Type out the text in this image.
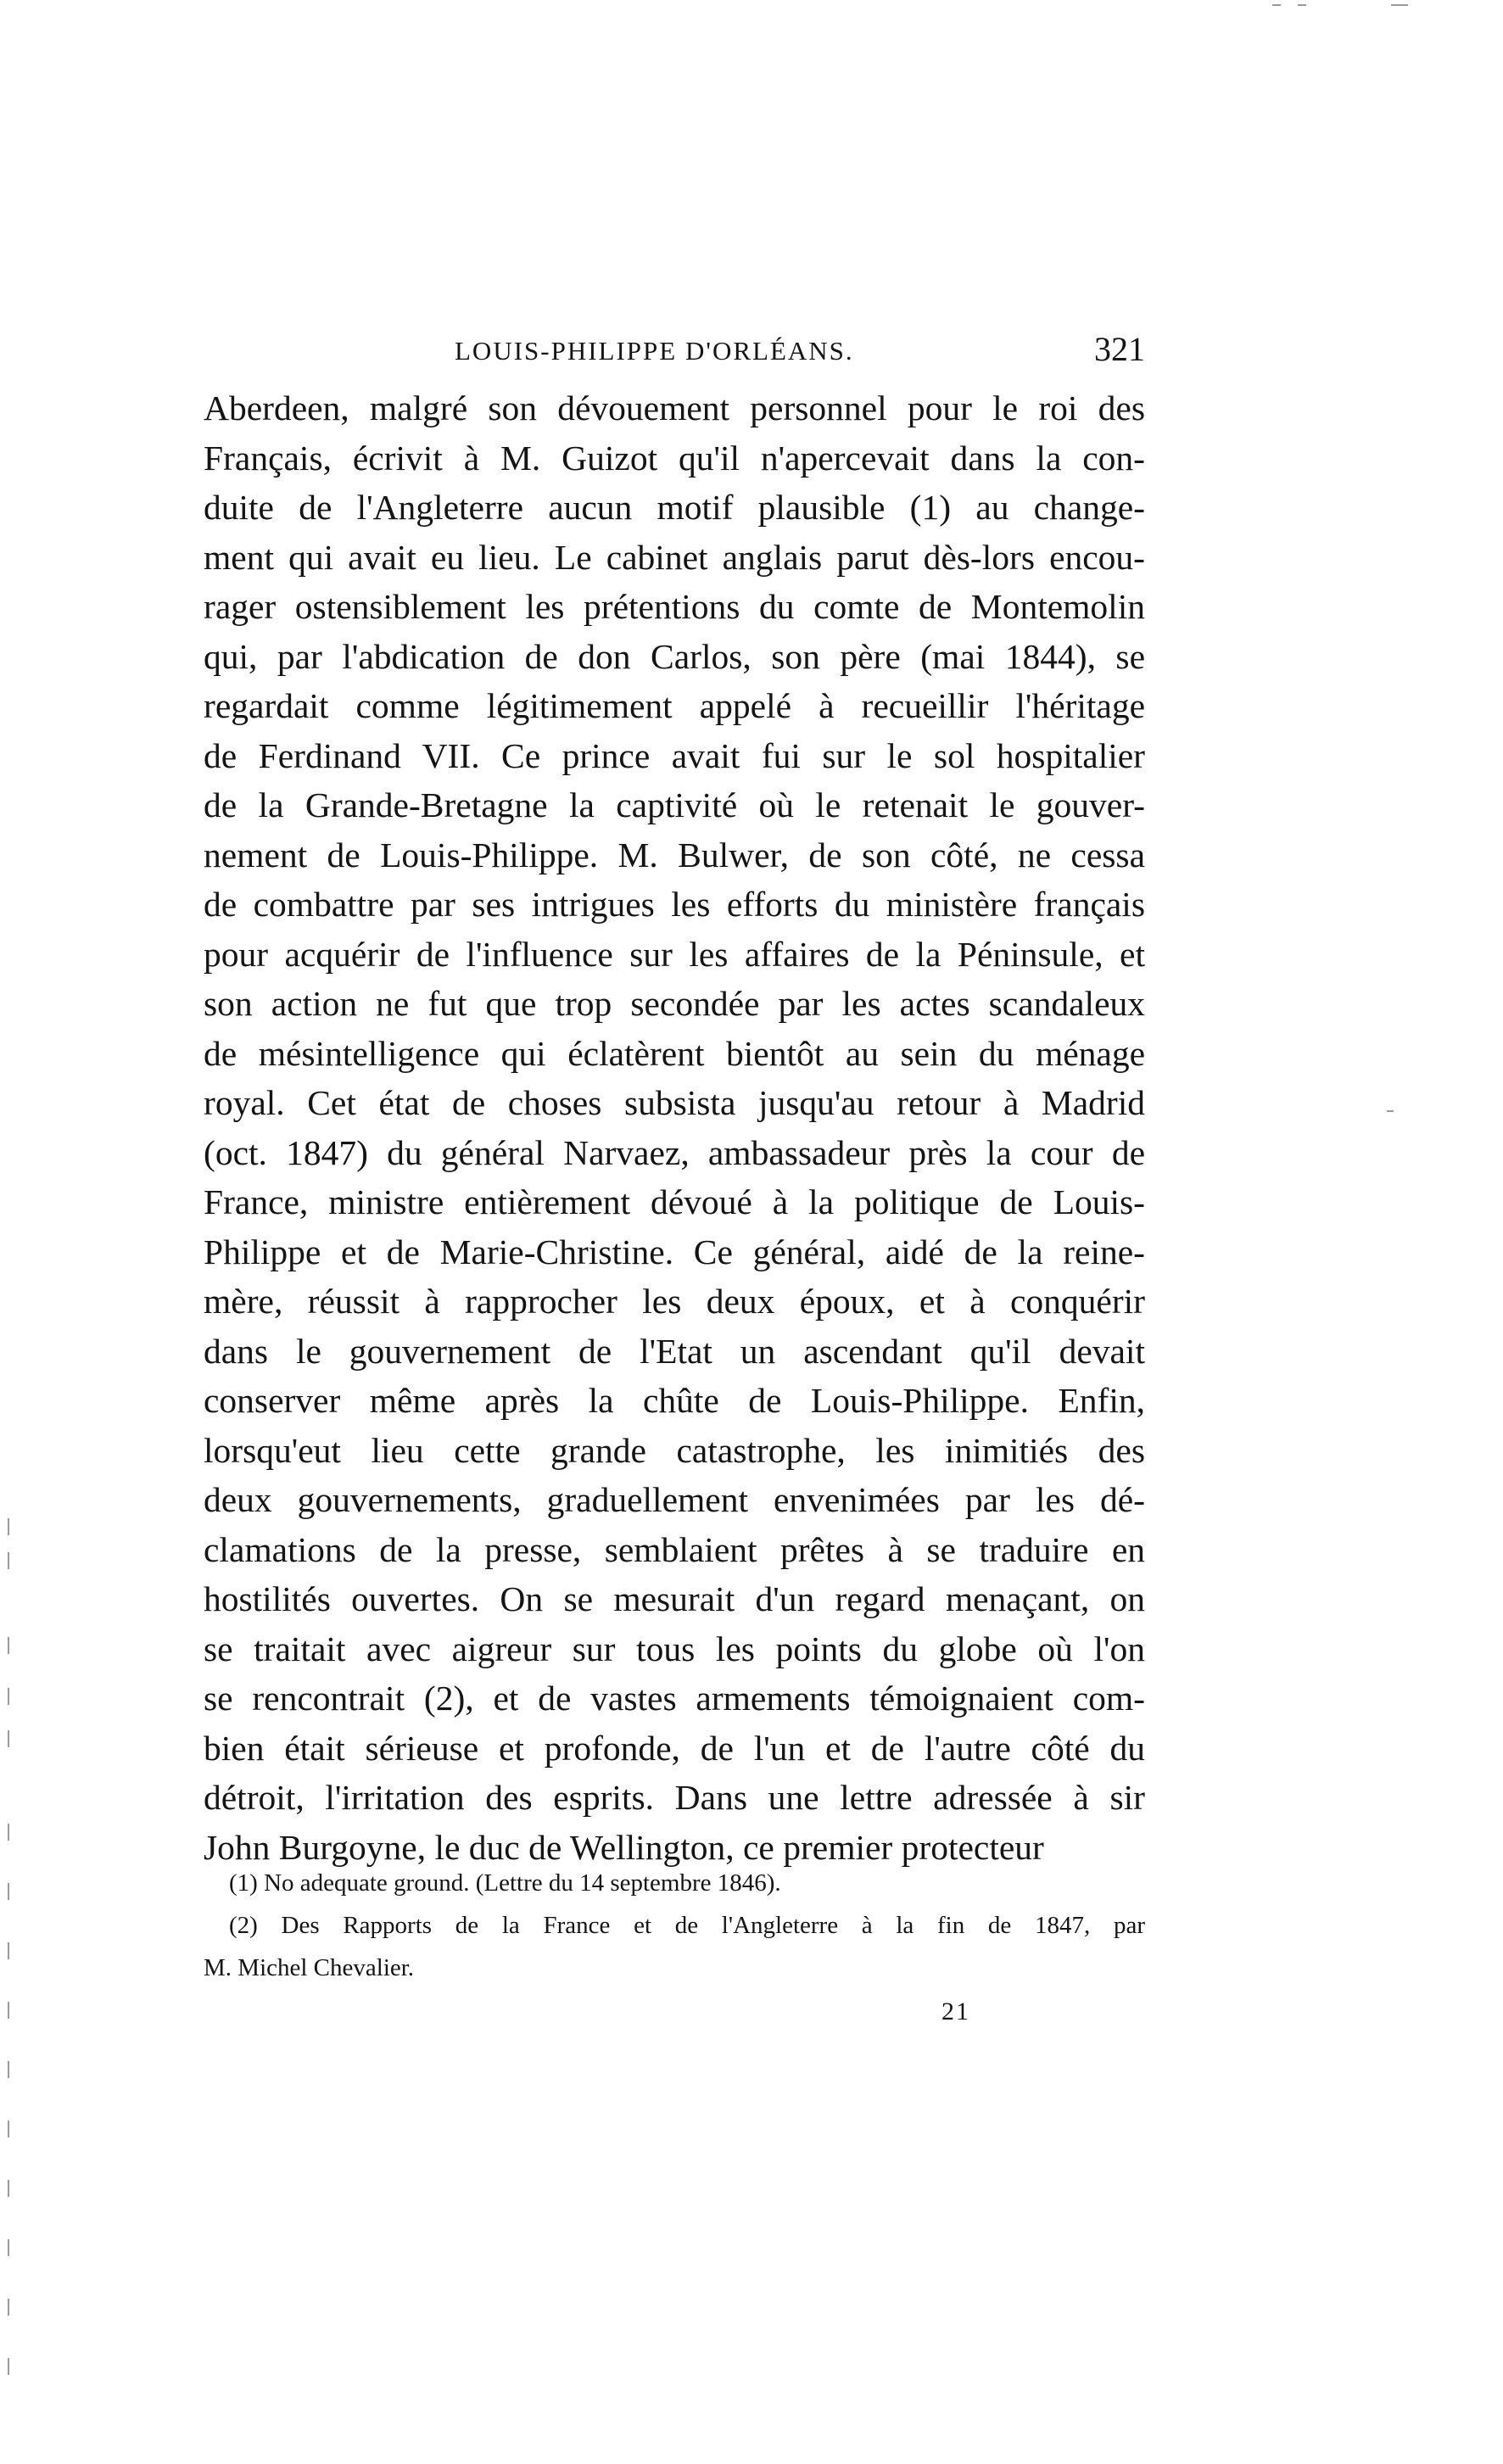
LOUIS-PHILIPPE D'ORLÉANS.	321
Aberdeen, malgré son dévouement personnel pour le roi des
Français, écrivit à M. Guizot qu'il n'apercevait dans la con-
duite de l'Angleterre aucun motif plausible (1) au change-
ment qui avait eu lieu. Le cabinet anglais parut dès-lors encou-
rager ostensiblement les prétentions du comte de Montemolin
qui, par l'abdication de don Carlos, son père (mai 1844), se
regardait comme légitimement appelé à recueillir l'héritage
de Ferdinand VII. Ce prince avait fui sur le sol hospitalier
de la Grande-Bretagne la captivité où le retenait le gouver-
nement de Louis-Philippe. M. Bulwer, de son côté, ne cessa
de combattre par ses intrigues les efforts du ministère français
pour acquérir de l'influence sur les affaires de la Péninsule, et
son action ne fut que trop secondée par les actes scandaleux
de mésintelligence qui éclatèrent bientôt au sein du ménage
royal. Cet état de choses subsista jusqu'au retour à Madrid
(oct. 1847) du général Narvaez, ambassadeur près la cour de
France, ministre entièrement dévoué à la politique de Louis-
Philippe et de Marie-Christine. Ce général, aidé de la reine-
mère, réussit à rapprocher les deux époux, et à conquérir
dans le gouvernement de l'Etat un ascendant qu'il devait
conserver même après la chûte de Louis-Philippe. Enfin,
lorsqu'eut lieu cette grande catastrophe, les inimitiés des
deux gouvernements, graduellement envenimées par les dé-
clamations de la presse, semblaient prêtes à se traduire en
hostilités ouvertes. On se mesurait d'un regard menaçant, on
se traitait avec aigreur sur tous les points du globe où l'on
se rencontrait (2), et de vastes armements témoignaient com-
bien était sérieuse et profonde, de l'un et de l'autre côté du
détroit, l'irritation des esprits. Dans une lettre adressée à sir
John Burgoyne, le duc de Wellington, ce premier protecteur
(1) No adequate ground. (Lettre du 14 septembre 1846).
(2) Des Rapports de la France et de l'Angleterre à la fin de 1847, par
M. Michel Chevalier.
21
